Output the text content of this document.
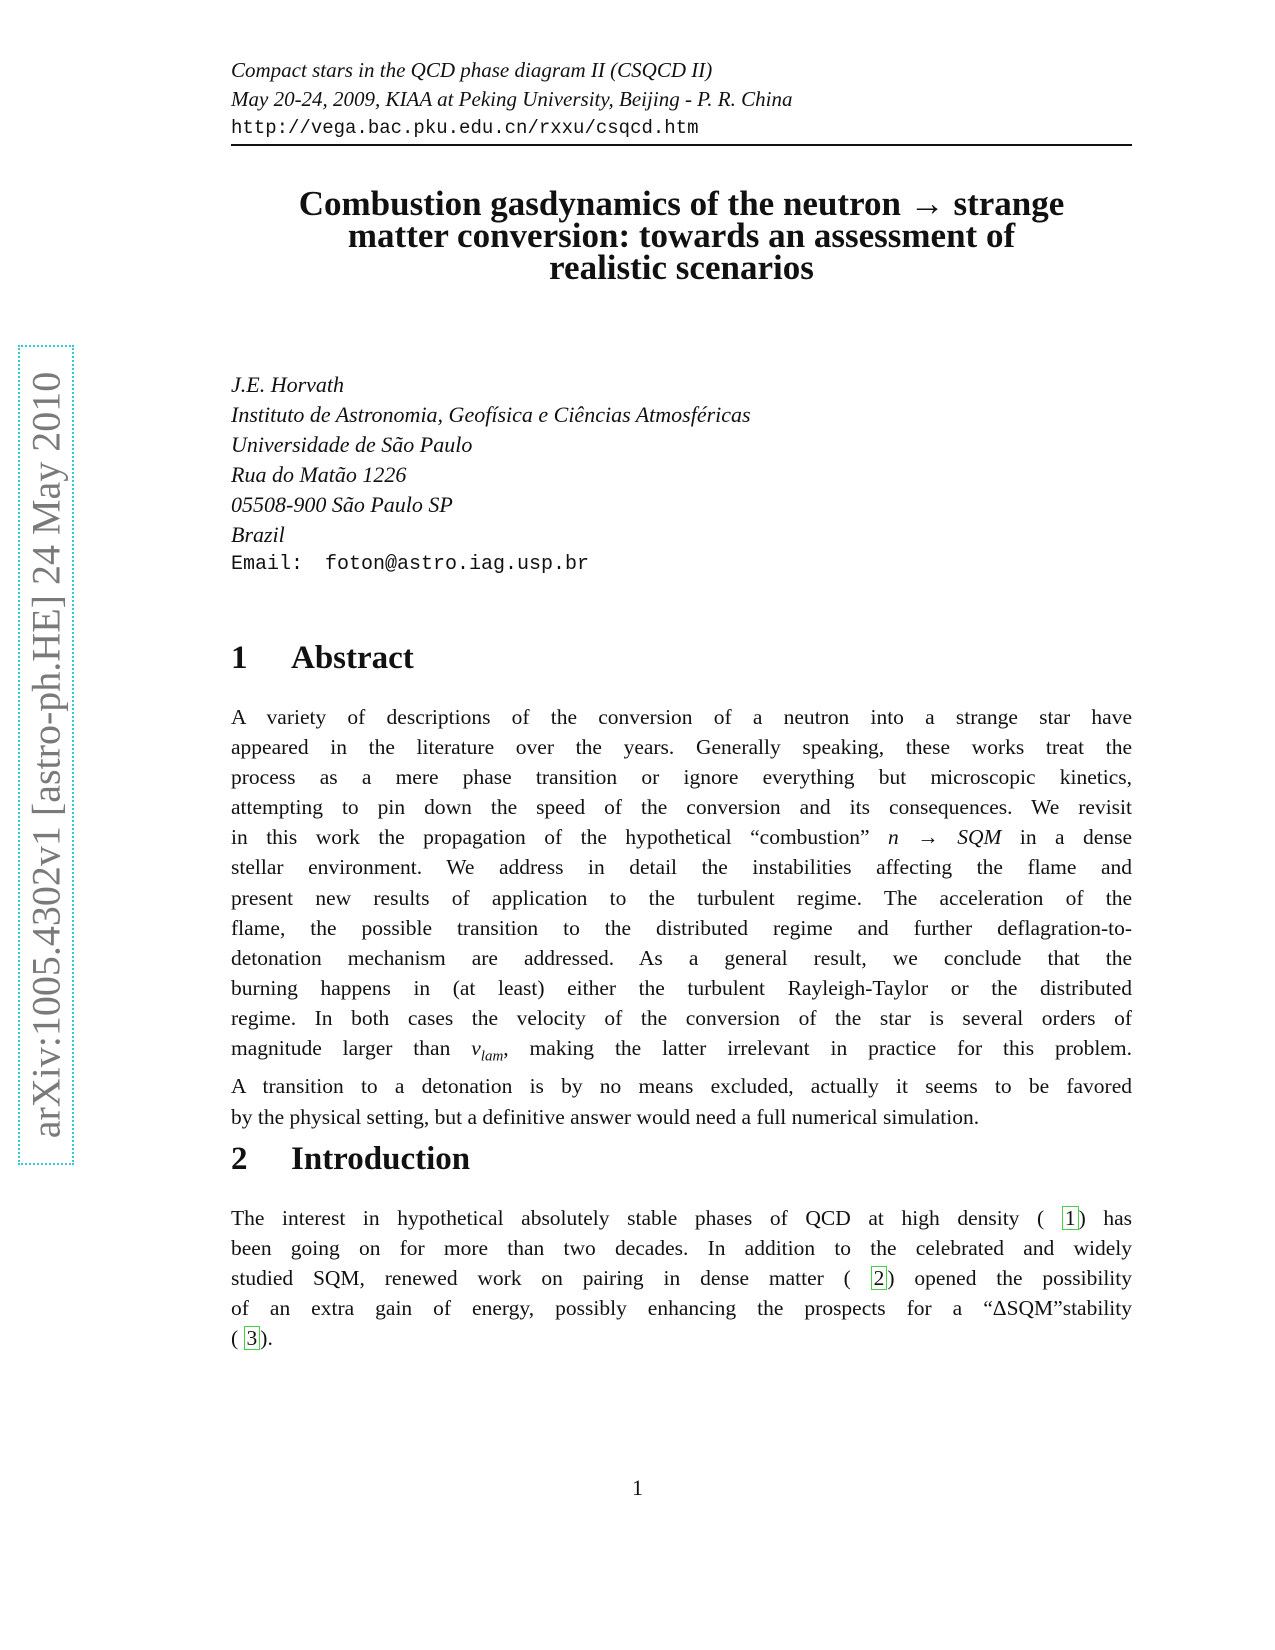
arXiv:1005.4302v1 [astro-ph.HE] 24 May 2010
Compact stars in the QCD phase diagram II (CSQCD II)
May 20-24, 2009, KIAA at Peking University, Beijing - P. R. China
http://vega.bac.pku.edu.cn/rxxu/csqcd.htm
Combustion gasdynamics of the neutron → strange
matter conversion: towards an assessment of
realistic scenarios
J.E. Horvath
Instituto de Astronomia, Geofísica e Ciências Atmosféricas
Universidade de São Paulo
Rua do Matão 1226
05508-900 São Paulo SP
Brazil
Email: foton@astro.iag.usp.br
1 Abstract
A variety of descriptions of the conversion of a neutron into a strange star have
appeared in the literature over the years. Generally speaking, these works treat the
process as a mere phase transition or ignore everything but microscopic kinetics,
attempting to pin down the speed of the conversion and its consequences. We revisit
in this work the propagation of the hypothetical “combustion” n → SQM in a dense
stellar environment. We address in detail the instabilities affecting the flame and
present new results of application to the turbulent regime. The acceleration of the
flame, the possible transition to the distributed regime and further deflagration-to-
detonation mechanism are addressed. As a general result, we conclude that the
burning happens in (at least) either the turbulent Rayleigh-Taylor or the distributed
regime. In both cases the velocity of the conversion of the star is several orders of
magnitude larger than $v_{lam}$, making the latter irrelevant in practice for this problem.
A transition to a detonation is by no means excluded, actually it seems to be favored
by the physical setting, but a definitive answer would need a full numerical simulation.
2 Introduction
The interest in hypothetical absolutely stable phases of QCD at high density ( 1 ) has
been going on for more than two decades. In addition to the celebrated and widely
studied SQM, renewed work on pairing in dense matter ( 2 ) opened the possibility
of an extra gain of energy, possibly enhancing the prospects for a “ΔSQM”stability
( 3 ).
1
